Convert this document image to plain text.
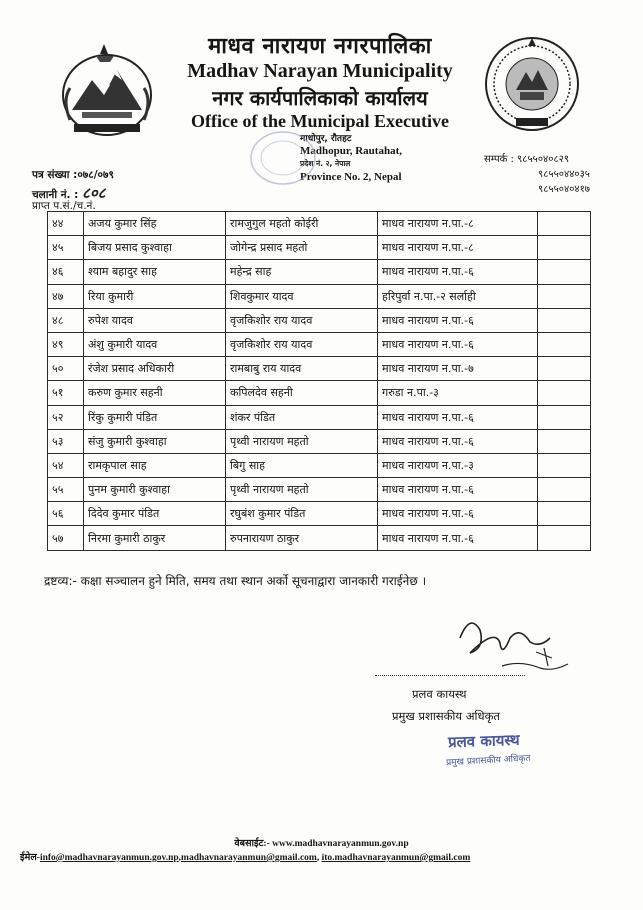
माधव नारायण नगरपालिका
Madhav Narayan Municipality
नगर कार्यपालिकाको कार्यालय
Office of the Municipal Executive
माधोपुर, रौतहट
Madhopur, Rautahat,
प्रदेश नं. २, नेपाल
Province No. 2, Nepal
पत्र संख्या :०७८/०७९
चलानी नं. : ८०८
प्राप्त प.सं./च.नं.
सम्पर्क : ९८५५०४०८२९
९८५५०४४०३५
९८५५०४०४१७
४४	अजय कुमार सिंह	रामजुगुल महतो कोईरी	माधव नारायण न.पा.-८	
४५	बिजय प्रसाद कुश्वाहा	जोगेन्द्र प्रसाद महतो	माधव नारायण न.पा.-८	
४६	श्याम बहादुर साह	महेन्द्र साह	माधव नारायण न.पा.-६	
४७	रिया कुमारी	शिवकुमार यादव	हरिपुर्वा न.पा.-२ सर्लाही	
४८	रुपेश यादव	वृजकिशोर राय यादव	माधव नारायण न.पा.-६	
४९	अंशु कुमारी यादव	वृजकिशोर राय यादव	माधव नारायण न.पा.-६	
५०	रंजेश प्रसाद अधिकारी	रामबाबु राय यादव	माधव नारायण न.पा.-७	
५१	करुण कुमार सहनी	कपिलदेव सहनी	गरुडा न.पा.-३	
५२	रिंकु कुमारी पंडित	शंकर पंडित	माधव नारायण न.पा.-६	
५३	संजु कुमारी कुश्वाहा	पृथ्वी नारायण महतो	माधव नारायण न.पा.-६	
५४	रामकृपाल साह	बिगु साह	माधव नारायण न.पा.-३	
५५	पुनम कुमारी कुश्वाहा	पृथ्वी नारायण महतो	माधव नारायण न.पा.-६	
५६	दिदेव कुमार पंडित	रघुबंश कुमार पंडित	माधव नारायण न.पा.-६	
५७	निरमा कुमारी ठाकुर	रुपनारायण ठाकुर	माधव नारायण न.पा.-६	
द्रष्टव्य:- कक्षा सञ्चालन हुने मिति, समय तथा स्थान अर्को सूचनाद्वारा जानकारी गराईनेछ ।
प्रलव कायस्थ
प्रमुख प्रशासकीय अधिकृत
प्रलव कायस्थ
प्रमुख प्रशासकीय अधिकृत
वेबसाईट:- www.madhavnarayanmun.gov.np
ईमेल-info@madhavnarayanmun.gov.np,madhavnarayanmun@gmail.com, ito.madhavnarayanmun@gmail.com
